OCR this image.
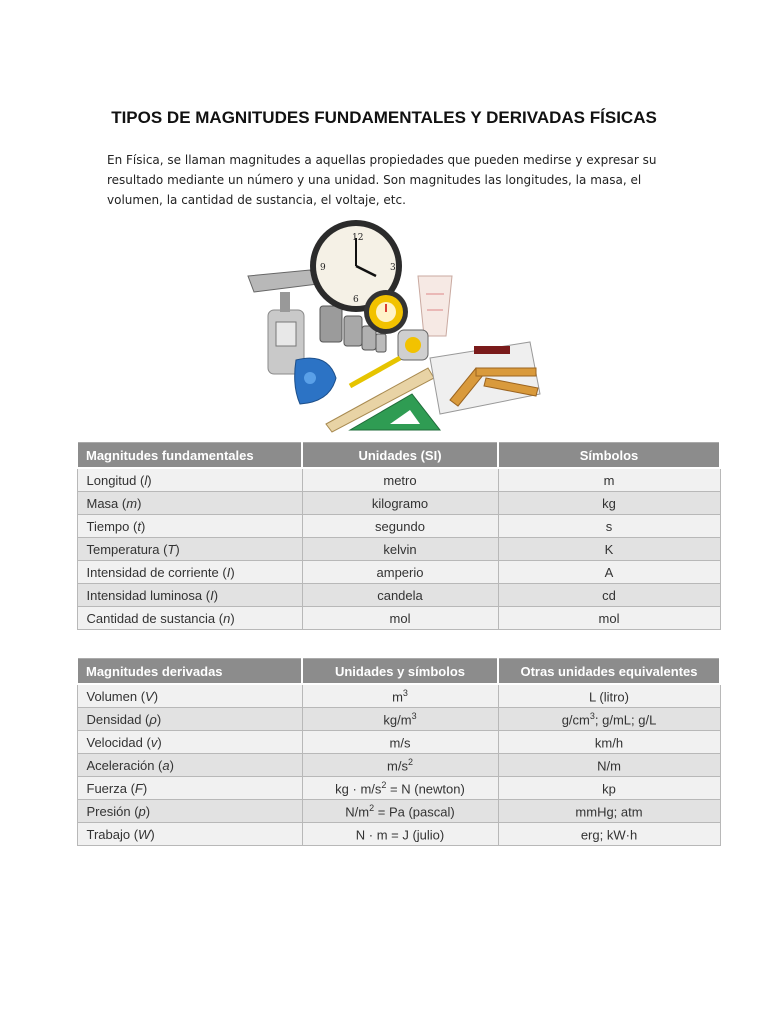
TIPOS DE MAGNITUDES FUNDAMENTALES Y DERIVADAS FÍSICAS

En Física, se llaman magnitudes a aquellas propiedades que pueden medirse y expresar su resultado mediante un número y una unidad. Son magnitudes las longitudes, la masa, el volumen, la cantidad de sustancia, el voltaje, etc.

12
3
6
9
Magnitudes fundamentales	Unidades (SI)	Símbolos
Longitud (l)	metro	m
Masa (m)	kilogramo	kg
Tiempo (t)	segundo	s
Temperatura (T)	kelvin	K
Intensidad de corriente (I)	amperio	A
Intensidad luminosa (I)	candela	cd
Cantidad de sustancia (n)	mol	mol
Magnitudes derivadas	Unidades y símbolos	Otras unidades equivalentes
Volumen (V)	$m^3$	L (litro)
Densidad (ρ)	$kg/m^3$	$g/cm^3$; g/mL; g/L
Velocidad (v)	m/s	km/h
Aceleración (a)	$m/s^2$	N/m
Fuerza (F)	kg · $m/s^2 = N$ (newton)	kp
Presión (p)	$N/m^2 = Pa$ (pascal)	mmHg; atm
Trabajo (W)	N · m = J (julio)	erg; kW·h
